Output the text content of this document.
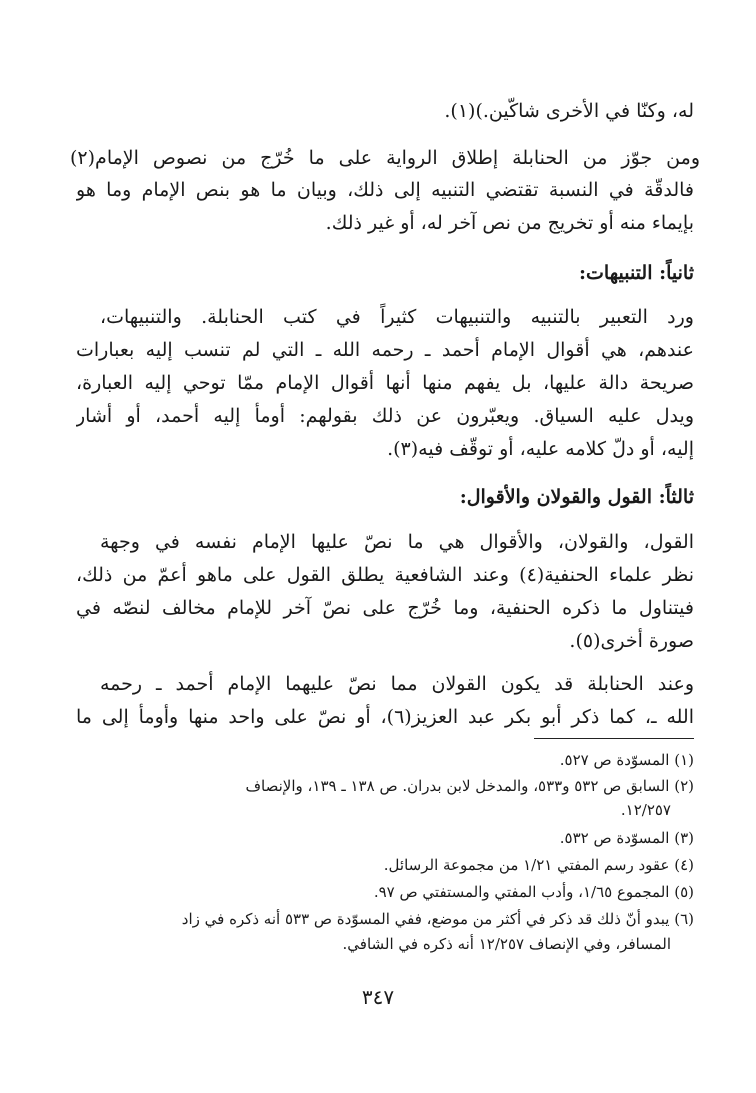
له، وكنّا في الأخرى شاكّين.)(١).
ومن جوّز من الحنابلة إطلاق الرواية على ما خُرّج من نصوص الإمام(٢)
فالدقّة في النسبة تقتضي التنبيه إلى ذلك، وبيان ما هو بنص الإمام وما هو
بإيماء منه أو تخريج من نص آخر له، أو غير ذلك.
ثانياً: التنبيهات:
ورد التعبير بالتنبيه والتنبيهات كثيراً في كتب الحنابلة. والتنبيهات،
عندهم، هي أقوال الإمام أحمد ـ رحمه الله ـ التي لم تنسب إليه بعبارات
صريحة دالة عليها، بل يفهم منها أنها أقوال الإمام ممّا توحي إليه العبارة،
ويدل عليه السياق. ويعبّرون عن ذلك بقولهم: أومأ إليه أحمد، أو أشار
إليه، أو دلّ كلامه عليه، أو توقّف فيه(٣).
ثالثاً: القول والقولان والأقوال:
القول، والقولان، والأقوال هي ما نصّ عليها الإمام نفسه في وجهة
نظر علماء الحنفية(٤) وعند الشافعية يطلق القول على ماهو أعمّ من ذلك،
فيتناول ما ذكره الحنفية، وما خُرّج على نصّ آخر للإمام مخالف لنصّه في
صورة أخرى(٥).
وعند الحنابلة قد يكون القولان مما نصّ عليهما الإمام أحمد ـ رحمه
الله ـ، كما ذكر أبو بكر عبد العزيز(٦)، أو نصّ على واحد منها وأومأ إلى ما
(١) المسوّدة ص ٥٢٧.
(٢) السابق ص ٥٣٢ و٥٣٣، والمدخل لابن بدران. ص ١٣٨ ـ ١٣٩، والإنصاف
١٢/٢٥٧.
(٣) المسوّدة ص ٥٣٢.
(٤) عقود رسم المفتي ١/٢١ من مجموعة الرسائل.
(٥) المجموع ١/٦٥، وأدب المفتي والمستفتي ص ٩٧.
(٦) يبدو أنّ ذلك قد ذكر في أكثر من موضع، ففي المسوّدة ص ٥٣٣ أنه ذكره في زاد
المسافر، وفي الإنصاف ١٢/٢٥٧ أنه ذكره في الشافي.
٣٤٧
